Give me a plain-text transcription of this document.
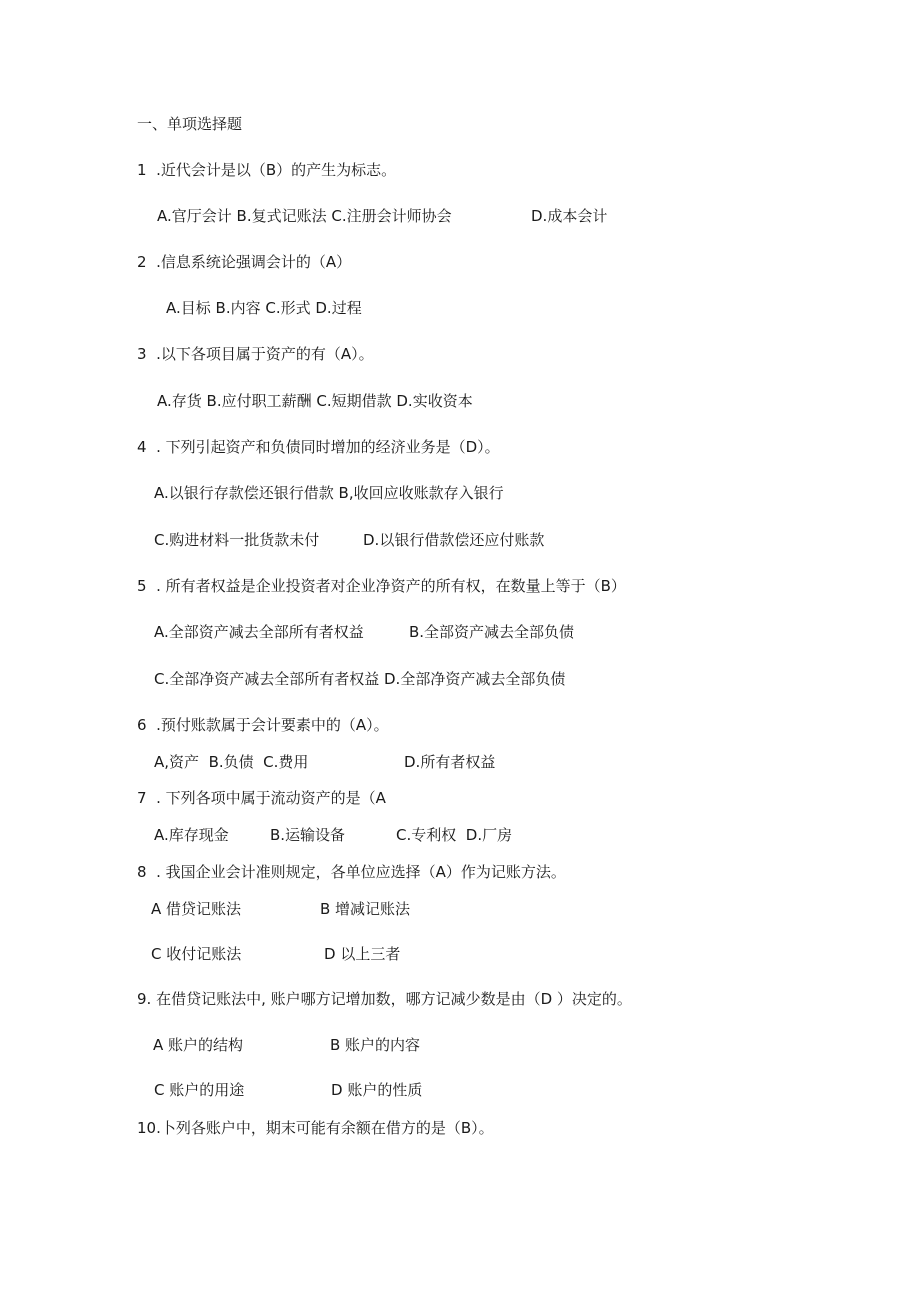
一、单项选择题
1  .近代会计是以（B）的产生为标志。
A.官厅会计 B.复式记账法 C.注册会计师协会	D.成本会计
2  .信息系统论强调会计的（A）
A.目标 B.内容 C.形式 D.过程
3  .以下各项目属于资产的有（A）。
A.存货 B.应付职工薪酬 C.短期借款 D.实收资本
4  . 下列引起资产和负债同时增加的经济业务是（D）。
A.以银行存款偿还银行借款 B,收回应收账款存入银行
C.购进材料一批货款未付	D.以银行借款偿还应付账款
5  . 所有者权益是企业投资者对企业净资产的所有权，在数量上等于（B）
A.全部资产减去全部所有者权益	B.全部资产减去全部负债
C.全部净资产减去全部所有者权益 D.全部净资产减去全部负债
6  .预付账款属于会计要素中的（A）。
A,资产  B.负债  C.费用	D.所有者权益
7  . 下列各项中属于流动资产的是（A
A.库存现金	B.运输设备	C.专利权  D.厂房
8  . 我国企业会计准则规定，各单位应选择（A）作为记账方法。
A 借贷记账法	B 增减记账法
C 收付记账法	D 以上三者
9. 在借贷记账法中, 账户哪方记增加数，哪方记减少数是由（D ）决定的。
A 账户的结构	B 账户的内容
C 账户的用途	D 账户的性质
10.卜列各账户中，期末可能有余额在借方的是（B）。
